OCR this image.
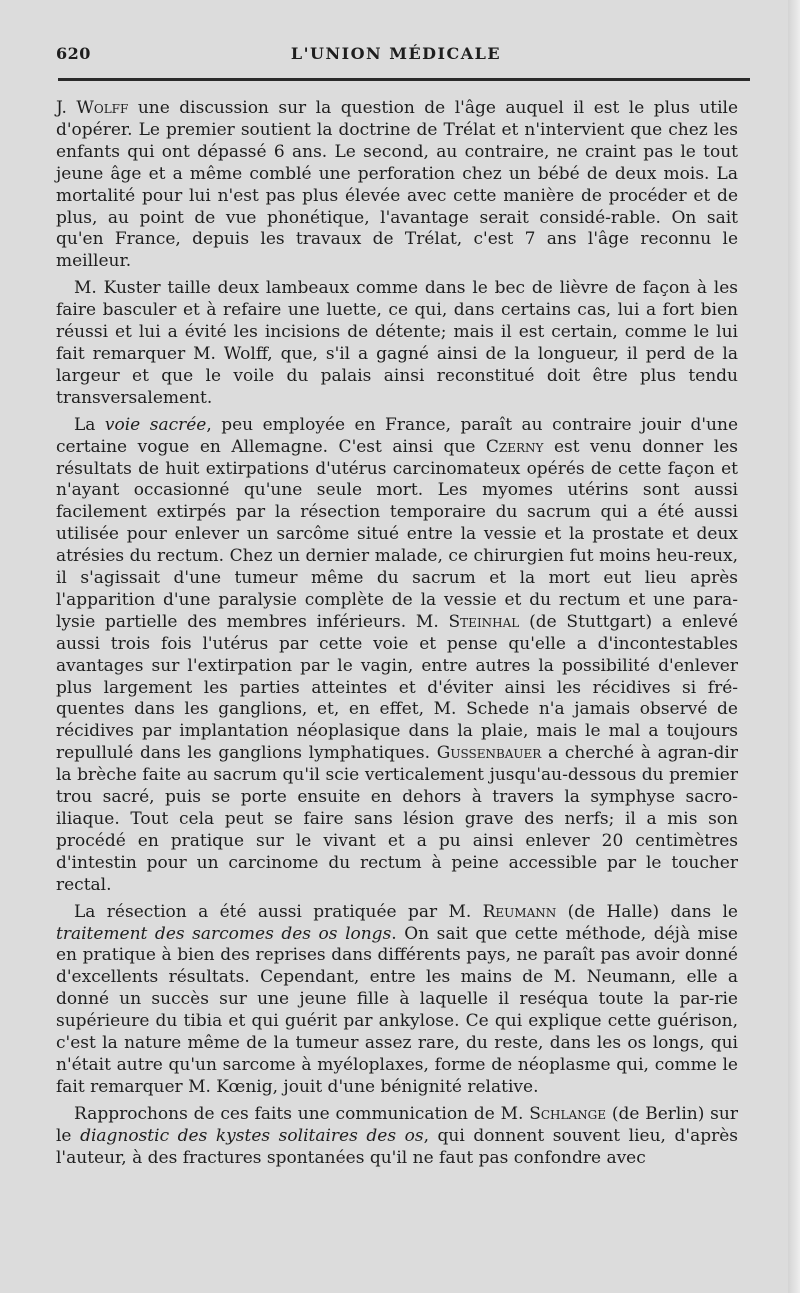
620	L'UNION MÉDICALE

J. Wolff une discussion sur la question de l'âge auquel il est le plus utile d'opérer. Le premier soutient la doctrine de Trélat et n'intervient que chez les enfants qui ont dépassé 6 ans. Le second, au contraire, ne craint pas le tout jeune âge et a même comblé une perforation chez un bébé de deux mois. La mortalité pour lui n'est pas plus élevée avec cette manière de procéder et de plus, au point de vue phonétique, l'avantage serait considé-rable. On sait qu'en France, depuis les travaux de Trélat, c'est 7 ans l'âge reconnu le meilleur.

M. Kuster taille deux lambeaux comme dans le bec de lièvre de façon à les faire basculer et à refaire une luette, ce qui, dans certains cas, lui a fort bien réussi et lui a évité les incisions de détente; mais il est certain, comme le lui fait remarquer M. Wolff, que, s'il a gagné ainsi de la longueur, il perd de la largeur et que le voile du palais ainsi reconstitué doit être plus tendu transversalement.

La voie sacrée, peu employée en France, paraît au contraire jouir d'une certaine vogue en Allemagne. C'est ainsi que Czerny est venu donner les résultats de huit extirpations d'utérus carcinomateux opérés de cette façon et n'ayant occasionné qu'une seule mort. Les myomes utérins sont aussi facilement extirpés par la résection temporaire du sacrum qui a été aussi utilisée pour enlever un sarcôme situé entre la vessie et la prostate et deux atrésies du rectum. Chez un dernier malade, ce chirurgien fut moins heu-reux, il s'agissait d'une tumeur même du sacrum et la mort eut lieu après l'apparition d'une paralysie complète de la vessie et du rectum et une para-lysie partielle des membres inférieurs. M. Steinhal (de Stuttgart) a enlevé aussi trois fois l'utérus par cette voie et pense qu'elle a d'incontestables avantages sur l'extirpation par le vagin, entre autres la possibilité d'enlever plus largement les parties atteintes et d'éviter ainsi les récidives si fré-quentes dans les ganglions, et, en effet, M. Schede n'a jamais observé de récidives par implantation néoplasique dans la plaie, mais le mal a toujours repullulé dans les ganglions lymphatiques. Gussenbauer a cherché à agran-dir la brèche faite au sacrum qu'il scie verticalement jusqu'au-dessous du premier trou sacré, puis se porte ensuite en dehors à travers la symphyse sacro-iliaque. Tout cela peut se faire sans lésion grave des nerfs; il a mis son procédé en pratique sur le vivant et a pu ainsi enlever 20 centimètres d'intestin pour un carcinome du rectum à peine accessible par le toucher rectal.

La résection a été aussi pratiquée par M. Reumann (de Halle) dans le traitement des sarcomes des os longs. On sait que cette méthode, déjà mise en pratique à bien des reprises dans différents pays, ne paraît pas avoir donné d'excellents résultats. Cependant, entre les mains de M. Neumann, elle a donné un succès sur une jeune fille à laquelle il reséqua toute la par-rie supérieure du tibia et qui guérit par ankylose. Ce qui explique cette guérison, c'est la nature même de la tumeur assez rare, du reste, dans les os longs, qui n'était autre qu'un sarcome à myéloplaxes, forme de néoplasme qui, comme le fait remarquer M. Kœnig, jouit d'une bénignité relative.

Rapprochons de ces faits une communication de M. Schlange (de Berlin) sur le diagnostic des kystes solitaires des os, qui donnent souvent lieu, d'après l'auteur, à des fractures spontanées qu'il ne faut pas confondre avec
